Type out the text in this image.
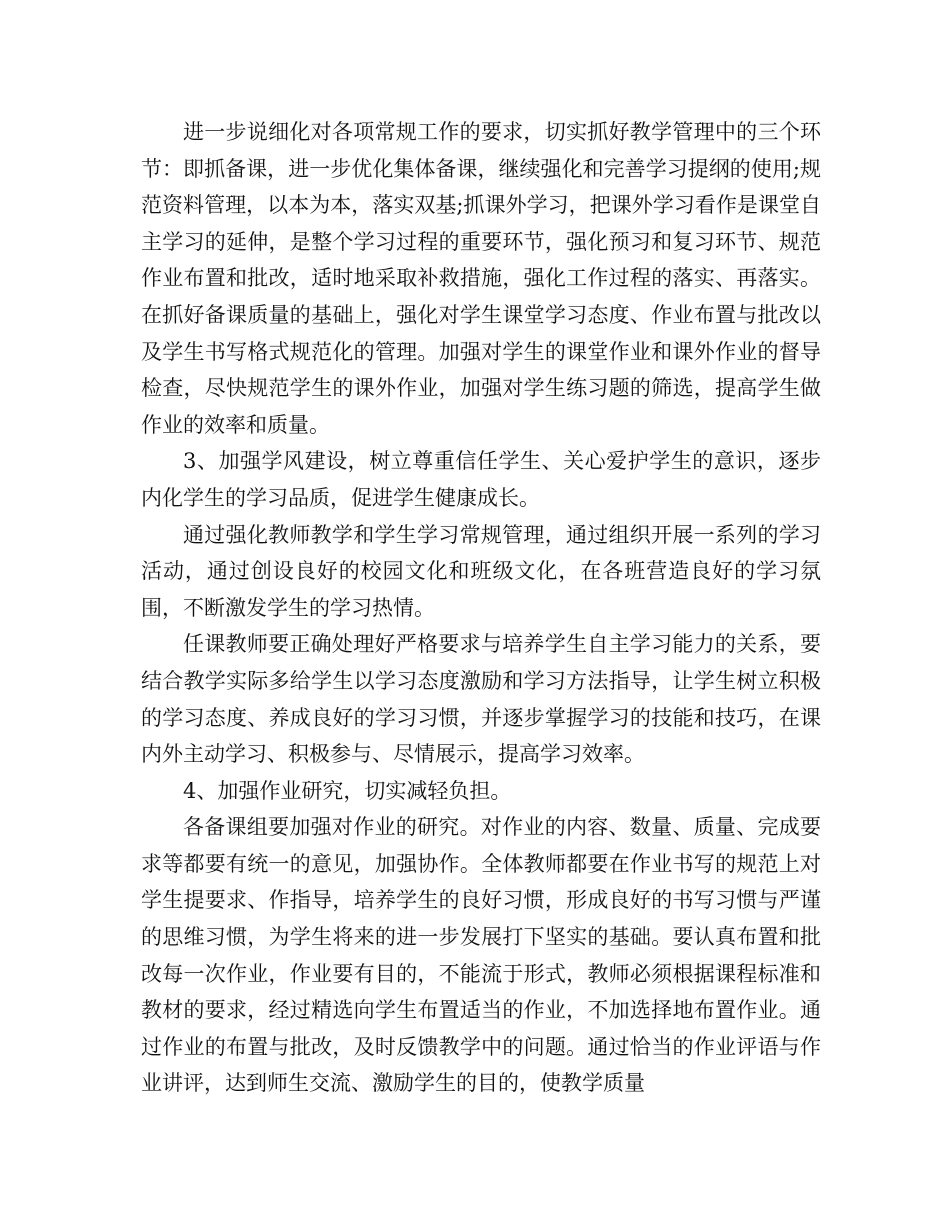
进一步说细化对各项常规工作的要求，切实抓好教学管理中的三个环节：即抓备课，进一步优化集体备课，继续强化和完善学习提纲的使用;规范资料管理，以本为本，落实双基;抓课外学习，把课外学习看作是课堂自主学习的延伸，是整个学习过程的重要环节，强化预习和复习环节、规范作业布置和批改，适时地采取补救措施，强化工作过程的落实、再落实。在抓好备课质量的基础上，强化对学生课堂学习态度、作业布置与批改以及学生书写格式规范化的管理。加强对学生的课堂作业和课外作业的督导检查，尽快规范学生的课外作业，加强对学生练习题的筛选，提高学生做作业的效率和质量。

3、加强学风建设，树立尊重信任学生、关心爱护学生的意识，逐步内化学生的学习品质，促进学生健康成长。

通过强化教师教学和学生学习常规管理，通过组织开展一系列的学习活动，通过创设良好的校园文化和班级文化，在各班营造良好的学习氛围，不断激发学生的学习热情。

任课教师要正确处理好严格要求与培养学生自主学习能力的关系，要结合教学实际多给学生以学习态度激励和学习方法指导，让学生树立积极的学习态度、养成良好的学习习惯，并逐步掌握学习的技能和技巧，在课内外主动学习、积极参与、尽情展示，提高学习效率。

4、加强作业研究，切实减轻负担。

各备课组要加强对作业的研究。对作业的内容、数量、质量、完成要求等都要有统一的意见，加强协作。全体教师都要在作业书写的规范上对学生提要求、作指导，培养学生的良好习惯，形成良好的书写习惯与严谨的思维习惯，为学生将来的进一步发展打下坚实的基础。要认真布置和批改每一次作业，作业要有目的，不能流于形式，教师必须根据课程标准和教材的要求，经过精选向学生布置适当的作业，不加选择地布置作业。通过作业的布置与批改，及时反馈教学中的问题。通过恰当的作业评语与作业讲评，达到师生交流、激励学生的目的，使教学质量
